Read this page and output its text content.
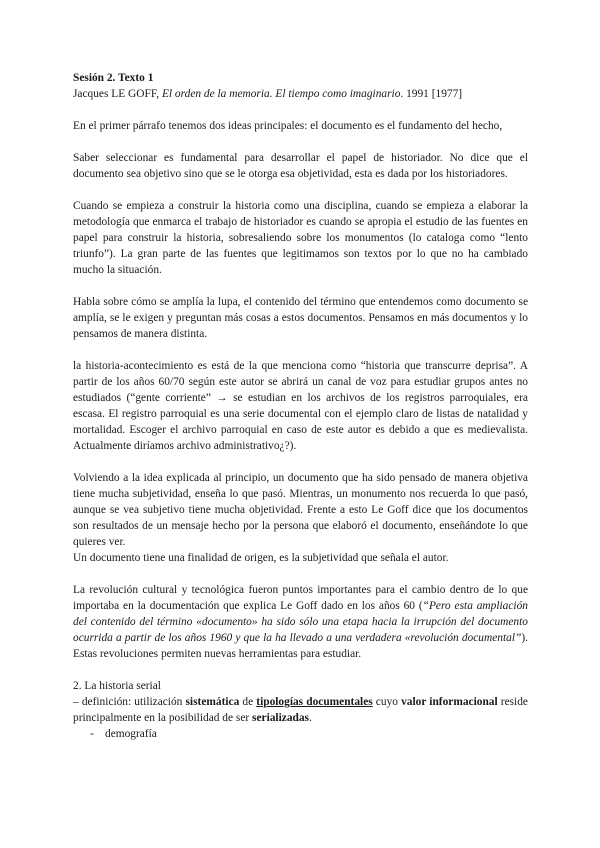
Sesión 2. Texto 1

Jacques LE GOFF, El orden de la memoria. El tiempo como imaginario. 1991 [1977]

En el primer párrafo tenemos dos ideas principales: el documento es el fundamento del hecho,

Saber seleccionar es fundamental para desarrollar el papel de historiador. No dice que el documento sea objetivo sino que se le otorga esa objetividad, esta es dada por los historiadores.

Cuando se empieza a construir la historia como una disciplina, cuando se empieza a elaborar la metodología que enmarca el trabajo de historiador es cuando se apropia el estudio de las fuentes en papel para construir la historia, sobresaliendo sobre los monumentos (lo cataloga como “lento triunfo”). La gran parte de las fuentes que legitimamos son textos por lo que no ha cambiado mucho la situación.

Habla sobre cómo se amplía la lupa, el contenido del término que entendemos como documento se amplía, se le exigen y preguntan más cosas a estos documentos. Pensamos en más documentos y lo pensamos de manera distinta.

la historia-acontecimiento es está de la que menciona como “historia que transcurre deprisa”. A partir de los años 60/70 según este autor se abrirá un canal de voz para estudiar grupos antes no estudiados (“gente corriente” → se estudian en los archivos de los registros parroquiales, era escasa. El registro parroquial es una serie documental con el ejemplo claro de listas de natalidad y mortalidad. Escoger el archivo parroquial en caso de este autor es debido a que es medievalista. Actualmente diríamos archivo administrativo¿?).

Volviendo a la idea explicada al principio, un documento que ha sido pensado de manera objetiva tiene mucha subjetividad, enseña lo que pasó. Mientras, un monumento nos recuerda lo que pasó, aunque se vea subjetivo tiene mucha objetividad. Frente a esto Le Goff dice que los documentos son resultados de un mensaje hecho por la persona que elaboró el documento, enseñándote lo que quieres ver.

Un documento tiene una finalidad de origen, es la subjetividad que señala el autor.

La revolución cultural y tecnológica fueron puntos importantes para el cambio dentro de lo que importaba en la documentación que explica Le Goff dado en los años 60 (“Pero esta ampliación del contenido del término «documento» ha sido sólo una etapa hacia la irrupción del documento ocurrida a partir de los años 1960 y que la ha llevado a una verdadera «revolución documental”). Estas revoluciones permiten nuevas herramientas para estudiar.

2. La historia serial

– definición: utilización sistemática de tipologías documentales cuyo valor informacional reside principalmente en la posibilidad de ser serializadas.

- demografía
